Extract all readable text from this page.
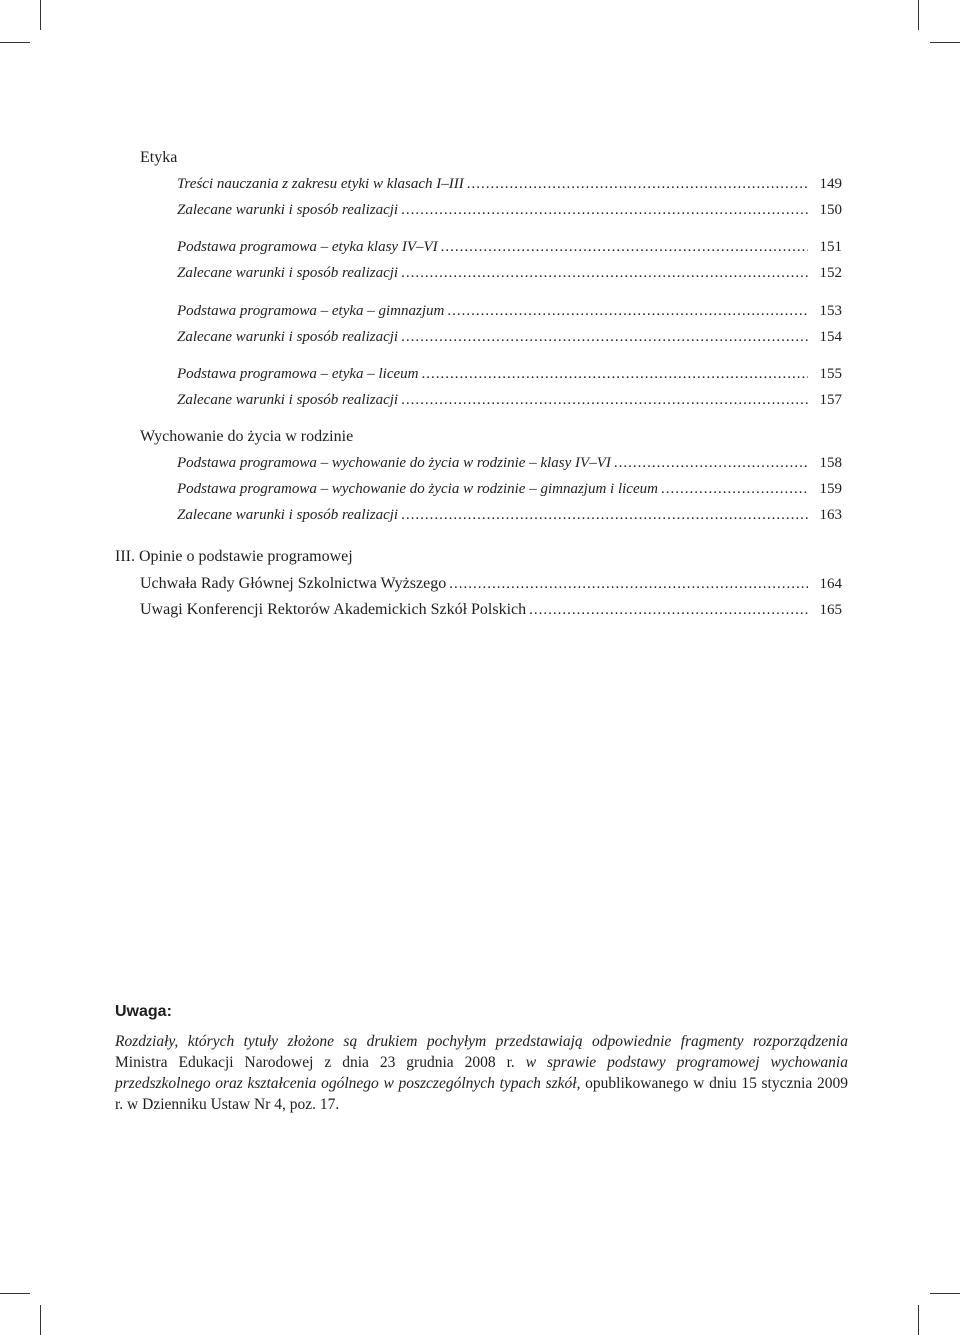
Etyka
Treści nauczania z zakresu etyki w klasach I–III .....	149
Zalecane warunki i sposób realizacji .....	150
Podstawa programowa – etyka klasy IV–VI .....	151
Zalecane warunki i sposób realizacji .....	152
Podstawa programowa – etyka – gimnazjum .....	153
Zalecane warunki i sposób realizacji .....	154
Podstawa programowa – etyka – liceum .....	155
Zalecane warunki i sposób realizacji .....	157
Wychowanie do życia w rodzinie
Podstawa programowa – wychowanie do życia w rodzinie – klasy IV–VI .....	158
Podstawa programowa – wychowanie do życia w rodzinie – gimnazjum i liceum .....	159
Zalecane warunki i sposób realizacji .....	163
III. Opinie o podstawie programowej
Uchwała Rady Głównej Szkolnictwa Wyższego .....	164
Uwagi Konferencji Rektorów Akademickich Szkół Polskich .....	165
Uwaga:
Rozdziały, których tytuły złożone są drukiem pochyłym przedstawiają odpowiednie fragmenty rozporządzenia Ministra Edukacji Narodowej z dnia 23 grudnia 2008 r. w sprawie podstawy programowej wychowania przedszkolnego oraz kształcenia ogólnego w poszczególnych typach szkół, opublikowanego w dniu 15 stycznia 2009 r. w Dzienniku Ustaw Nr 4, poz. 17.
